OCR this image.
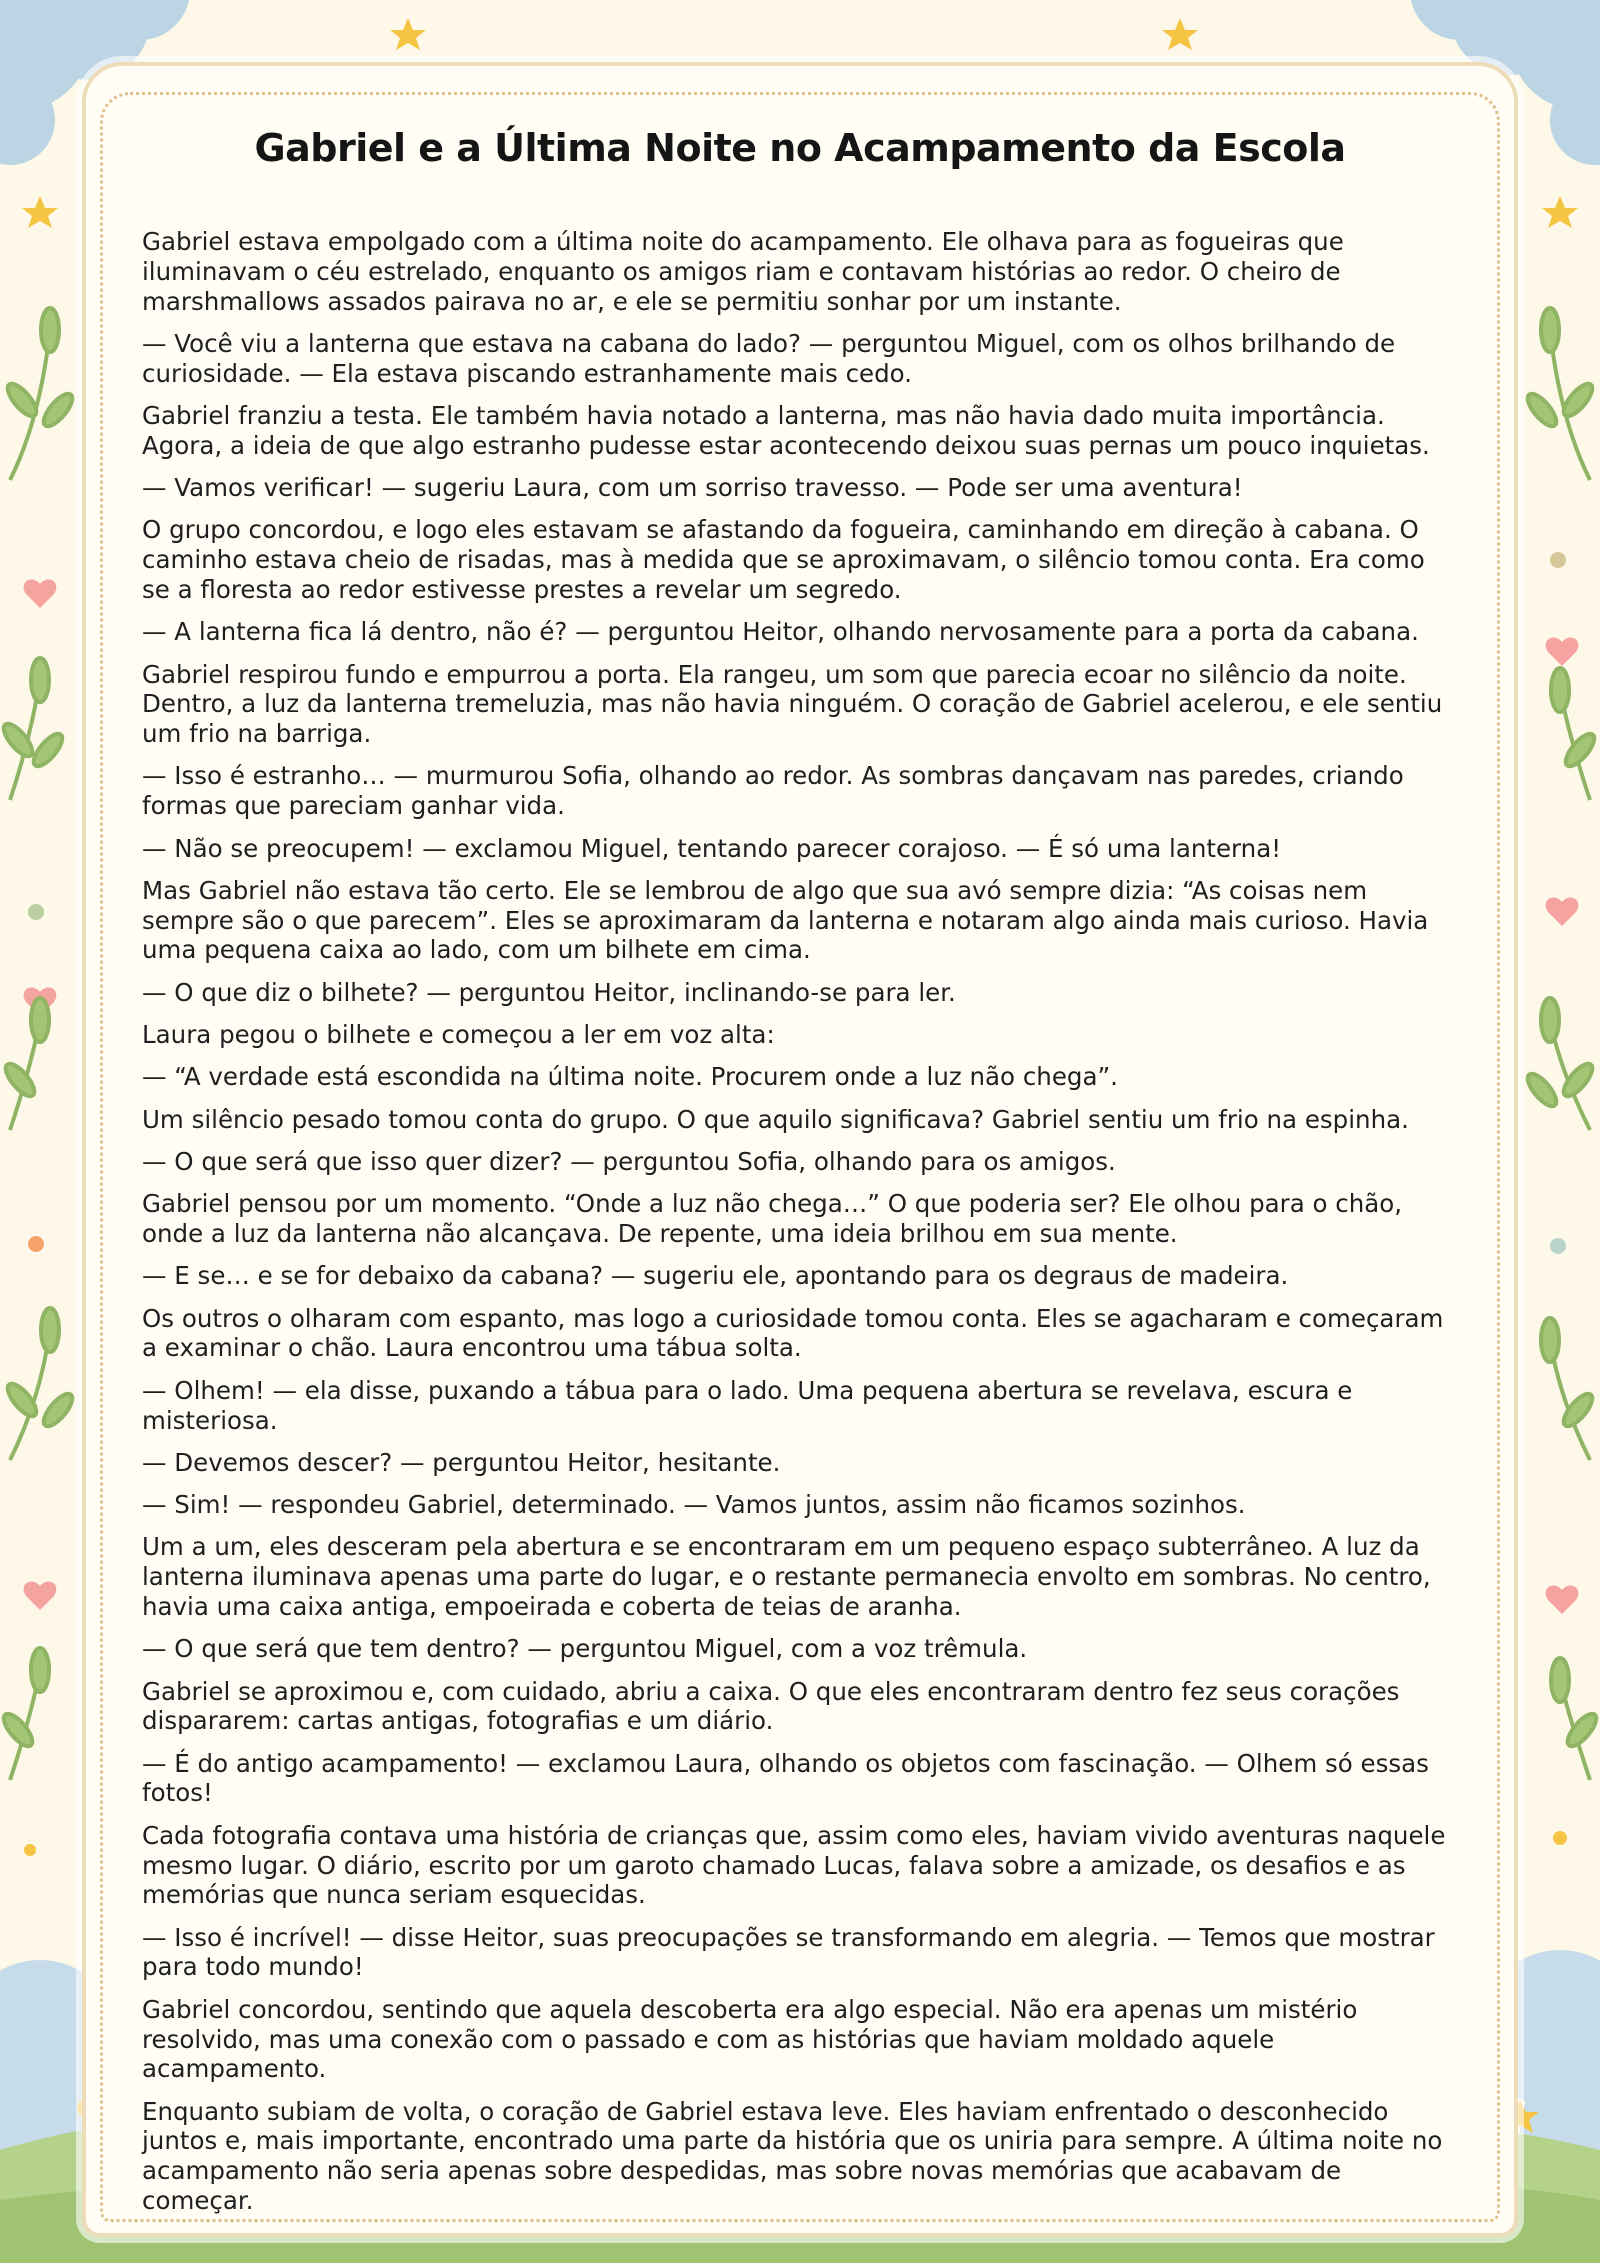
Gabriel e a Última Noite no Acampamento da Escola

Gabriel estava empolgado com a última noite do acampamento. Ele olhava para as fogueiras que iluminavam o céu estrelado, enquanto os amigos riam e contavam histórias ao redor. O cheiro de marshmallows assados pairava no ar, e ele se permitiu sonhar por um instante.

— Você viu a lanterna que estava na cabana do lado? — perguntou Miguel, com os olhos brilhando de curiosidade. — Ela estava piscando estranhamente mais cedo.

Gabriel franziu a testa. Ele também havia notado a lanterna, mas não havia dado muita importância. Agora, a ideia de que algo estranho pudesse estar acontecendo deixou suas pernas um pouco inquietas.

— Vamos verificar! — sugeriu Laura, com um sorriso travesso. — Pode ser uma aventura!

O grupo concordou, e logo eles estavam se afastando da fogueira, caminhando em direção à cabana. O caminho estava cheio de risadas, mas à medida que se aproximavam, o silêncio tomou conta. Era como se a floresta ao redor estivesse prestes a revelar um segredo.

— A lanterna fica lá dentro, não é? — perguntou Heitor, olhando nervosamente para a porta da cabana.

Gabriel respirou fundo e empurrou a porta. Ela rangeu, um som que parecia ecoar no silêncio da noite. Dentro, a luz da lanterna tremeluzia, mas não havia ninguém. O coração de Gabriel acelerou, e ele sentiu um frio na barriga.

— Isso é estranho… — murmurou Sofia, olhando ao redor. As sombras dançavam nas paredes, criando formas que pareciam ganhar vida.

— Não se preocupem! — exclamou Miguel, tentando parecer corajoso. — É só uma lanterna!

Mas Gabriel não estava tão certo. Ele se lembrou de algo que sua avó sempre dizia: “As coisas nem sempre são o que parecem”. Eles se aproximaram da lanterna e notaram algo ainda mais curioso. Havia uma pequena caixa ao lado, com um bilhete em cima.

— O que diz o bilhete? — perguntou Heitor, inclinando-se para ler.

Laura pegou o bilhete e começou a ler em voz alta:

— “A verdade está escondida na última noite. Procurem onde a luz não chega”.

Um silêncio pesado tomou conta do grupo. O que aquilo significava? Gabriel sentiu um frio na espinha.

— O que será que isso quer dizer? — perguntou Sofia, olhando para os amigos.

Gabriel pensou por um momento. “Onde a luz não chega…” O que poderia ser? Ele olhou para o chão, onde a luz da lanterna não alcançava. De repente, uma ideia brilhou em sua mente.

— E se… e se for debaixo da cabana? — sugeriu ele, apontando para os degraus de madeira.

Os outros o olharam com espanto, mas logo a curiosidade tomou conta. Eles se agacharam e começaram a examinar o chão. Laura encontrou uma tábua solta.

— Olhem! — ela disse, puxando a tábua para o lado. Uma pequena abertura se revelava, escura e misteriosa.

— Devemos descer? — perguntou Heitor, hesitante.

— Sim! — respondeu Gabriel, determinado. — Vamos juntos, assim não ficamos sozinhos.

Um a um, eles desceram pela abertura e se encontraram em um pequeno espaço subterrâneo. A luz da lanterna iluminava apenas uma parte do lugar, e o restante permanecia envolto em sombras. No centro, havia uma caixa antiga, empoeirada e coberta de teias de aranha.

— O que será que tem dentro? — perguntou Miguel, com a voz trêmula.

Gabriel se aproximou e, com cuidado, abriu a caixa. O que eles encontraram dentro fez seus corações dispararem: cartas antigas, fotografias e um diário.

— É do antigo acampamento! — exclamou Laura, olhando os objetos com fascinação. — Olhem só essas fotos!

Cada fotografia contava uma história de crianças que, assim como eles, haviam vivido aventuras naquele mesmo lugar. O diário, escrito por um garoto chamado Lucas, falava sobre a amizade, os desafios e as memórias que nunca seriam esquecidas.

— Isso é incrível! — disse Heitor, suas preocupações se transformando em alegria. — Temos que mostrar para todo mundo!

Gabriel concordou, sentindo que aquela descoberta era algo especial. Não era apenas um mistério resolvido, mas uma conexão com o passado e com as histórias que haviam moldado aquele acampamento.

Enquanto subiam de volta, o coração de Gabriel estava leve. Eles haviam enfrentado o desconhecido juntos e, mais importante, encontrado uma parte da história que os uniria para sempre. A última noite no acampamento não seria apenas sobre despedidas, mas sobre novas memórias que acabavam de começar.
